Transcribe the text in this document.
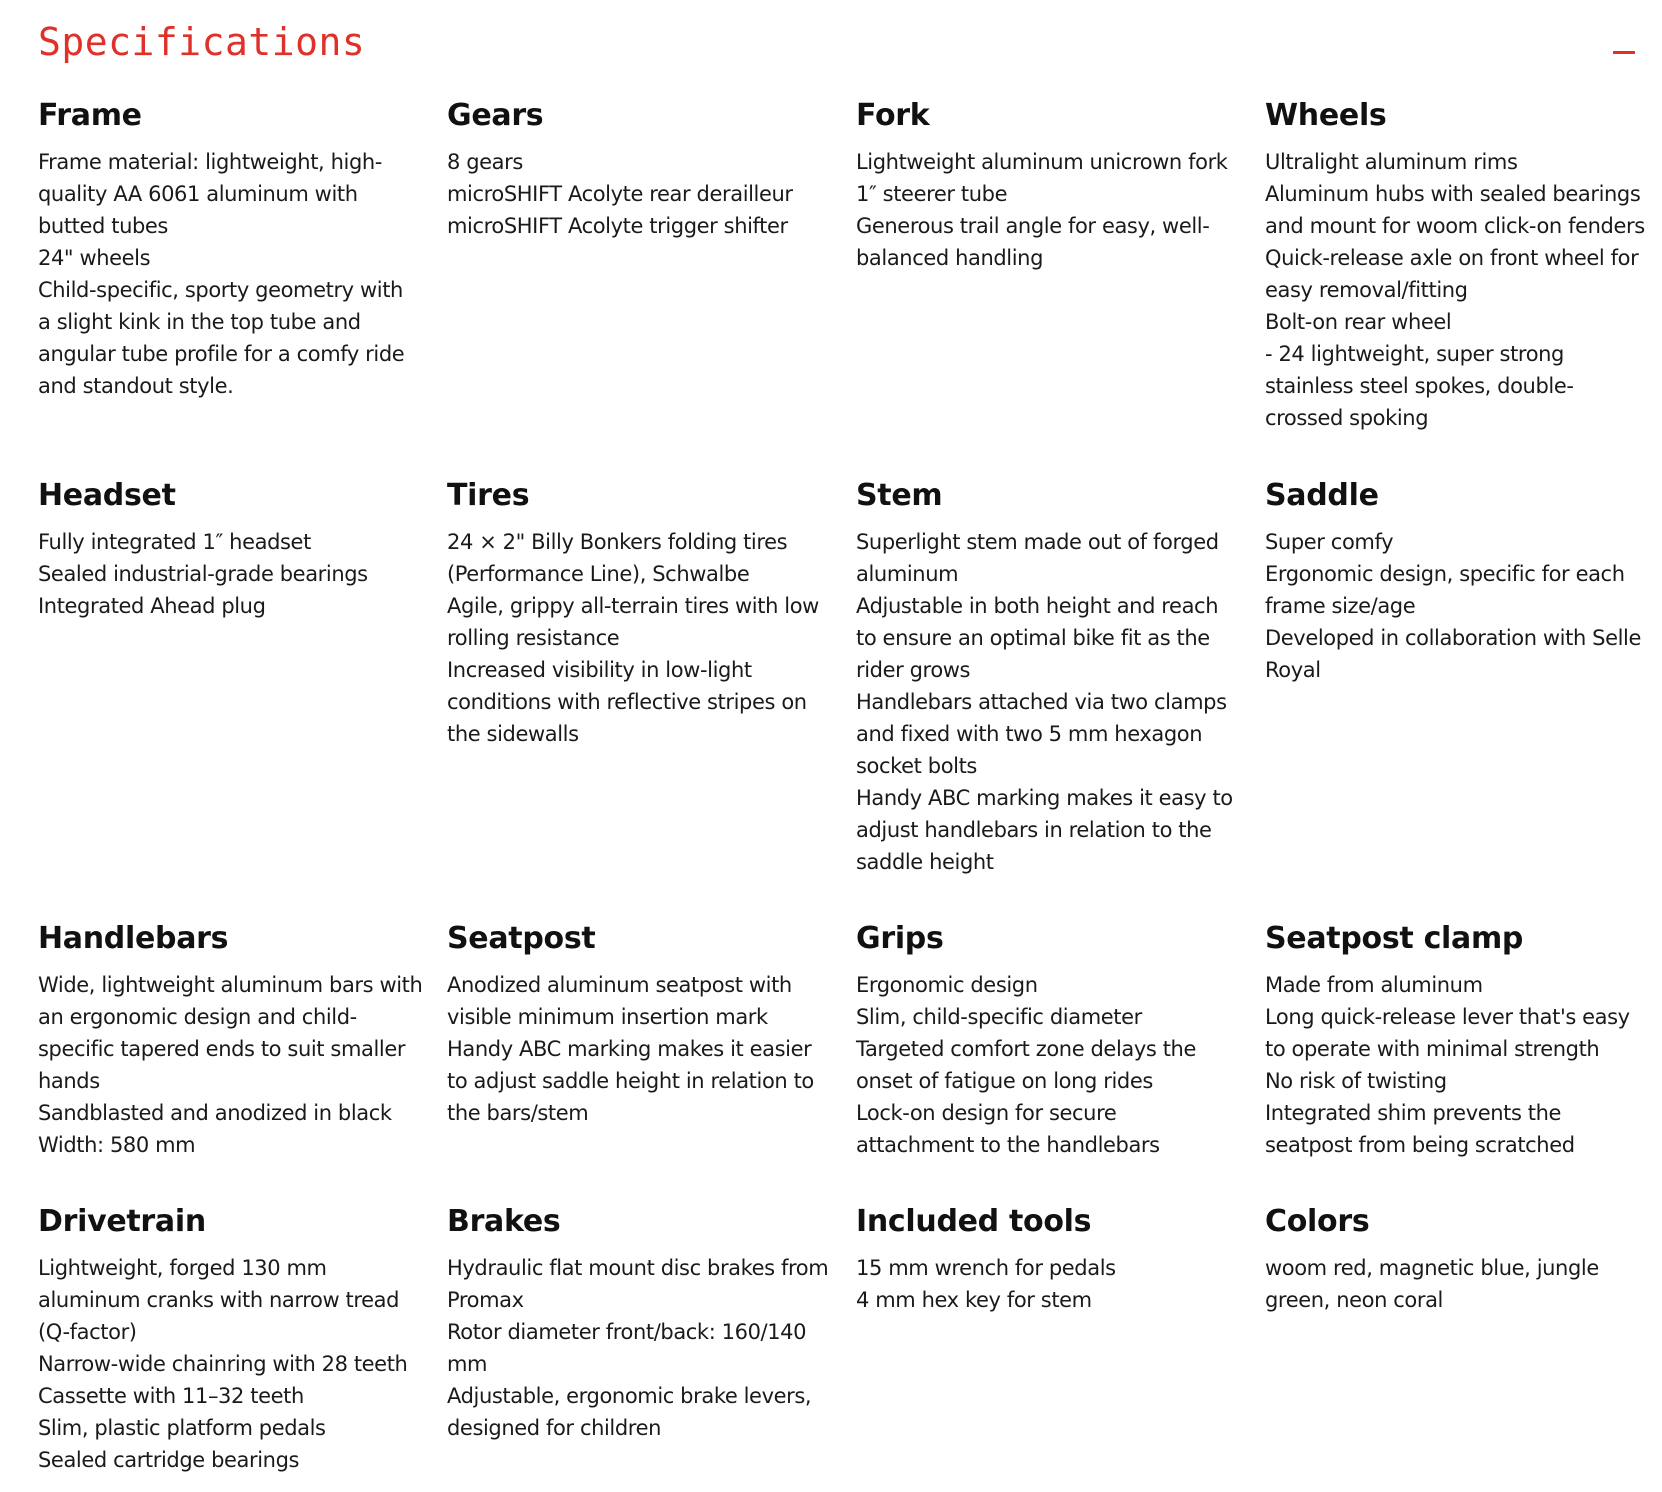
Specifications
Frame
Frame material: lightweight, high-
quality AA 6061 aluminum with
butted tubes
24" wheels
Child-specific, sporty geometry with
a slight kink in the top tube and
angular tube profile for a comfy ride
and standout style.
Gears
8 gears
microSHIFT Acolyte rear derailleur
microSHIFT Acolyte trigger shifter
Fork
Lightweight aluminum unicrown fork
1″ steerer tube
Generous trail angle for easy, well-
balanced handling
Wheels
Ultralight aluminum rims
Aluminum hubs with sealed bearings
and mount for woom click-on fenders
Quick-release axle on front wheel for
easy removal/fitting
Bolt-on rear wheel
- 24 lightweight, super strong
stainless steel spokes, double-
crossed spoking
Headset
Fully integrated 1″ headset
Sealed industrial-grade bearings
Integrated Ahead plug
Tires
24 × 2" Billy Bonkers folding tires
(Performance Line), Schwalbe
Agile, grippy all-terrain tires with low
rolling resistance
Increased visibility in low-light
conditions with reflective stripes on
the sidewalls
Stem
Superlight stem made out of forged
aluminum
Adjustable in both height and reach
to ensure an optimal bike fit as the
rider grows
Handlebars attached via two clamps
and fixed with two 5 mm hexagon
socket bolts
Handy ABC marking makes it easy to
adjust handlebars in relation to the
saddle height
Saddle
Super comfy
Ergonomic design, specific for each
frame size/age
Developed in collaboration with Selle
Royal
Handlebars
Wide, lightweight aluminum bars with
an ergonomic design and child-
specific tapered ends to suit smaller
hands
Sandblasted and anodized in black
Width: 580 mm
Seatpost
Anodized aluminum seatpost with
visible minimum insertion mark
Handy ABC marking makes it easier
to adjust saddle height in relation to
the bars/stem
Grips
Ergonomic design
Slim, child-specific diameter
Targeted comfort zone delays the
onset of fatigue on long rides
Lock-on design for secure
attachment to the handlebars
Seatpost clamp
Made from aluminum
Long quick-release lever that's easy
to operate with minimal strength
No risk of twisting
Integrated shim prevents the
seatpost from being scratched
Drivetrain
Lightweight, forged 130 mm
aluminum cranks with narrow tread
(Q-factor)
Narrow-wide chainring with 28 teeth
Cassette with 11–32 teeth
Slim, plastic platform pedals
Sealed cartridge bearings
Brakes
Hydraulic flat mount disc brakes from
Promax
Rotor diameter front/back: 160/140
mm
Adjustable, ergonomic brake levers,
designed for children
Included tools
15 mm wrench for pedals
4 mm hex key for stem
Colors
woom red, magnetic blue, jungle
green, neon coral
